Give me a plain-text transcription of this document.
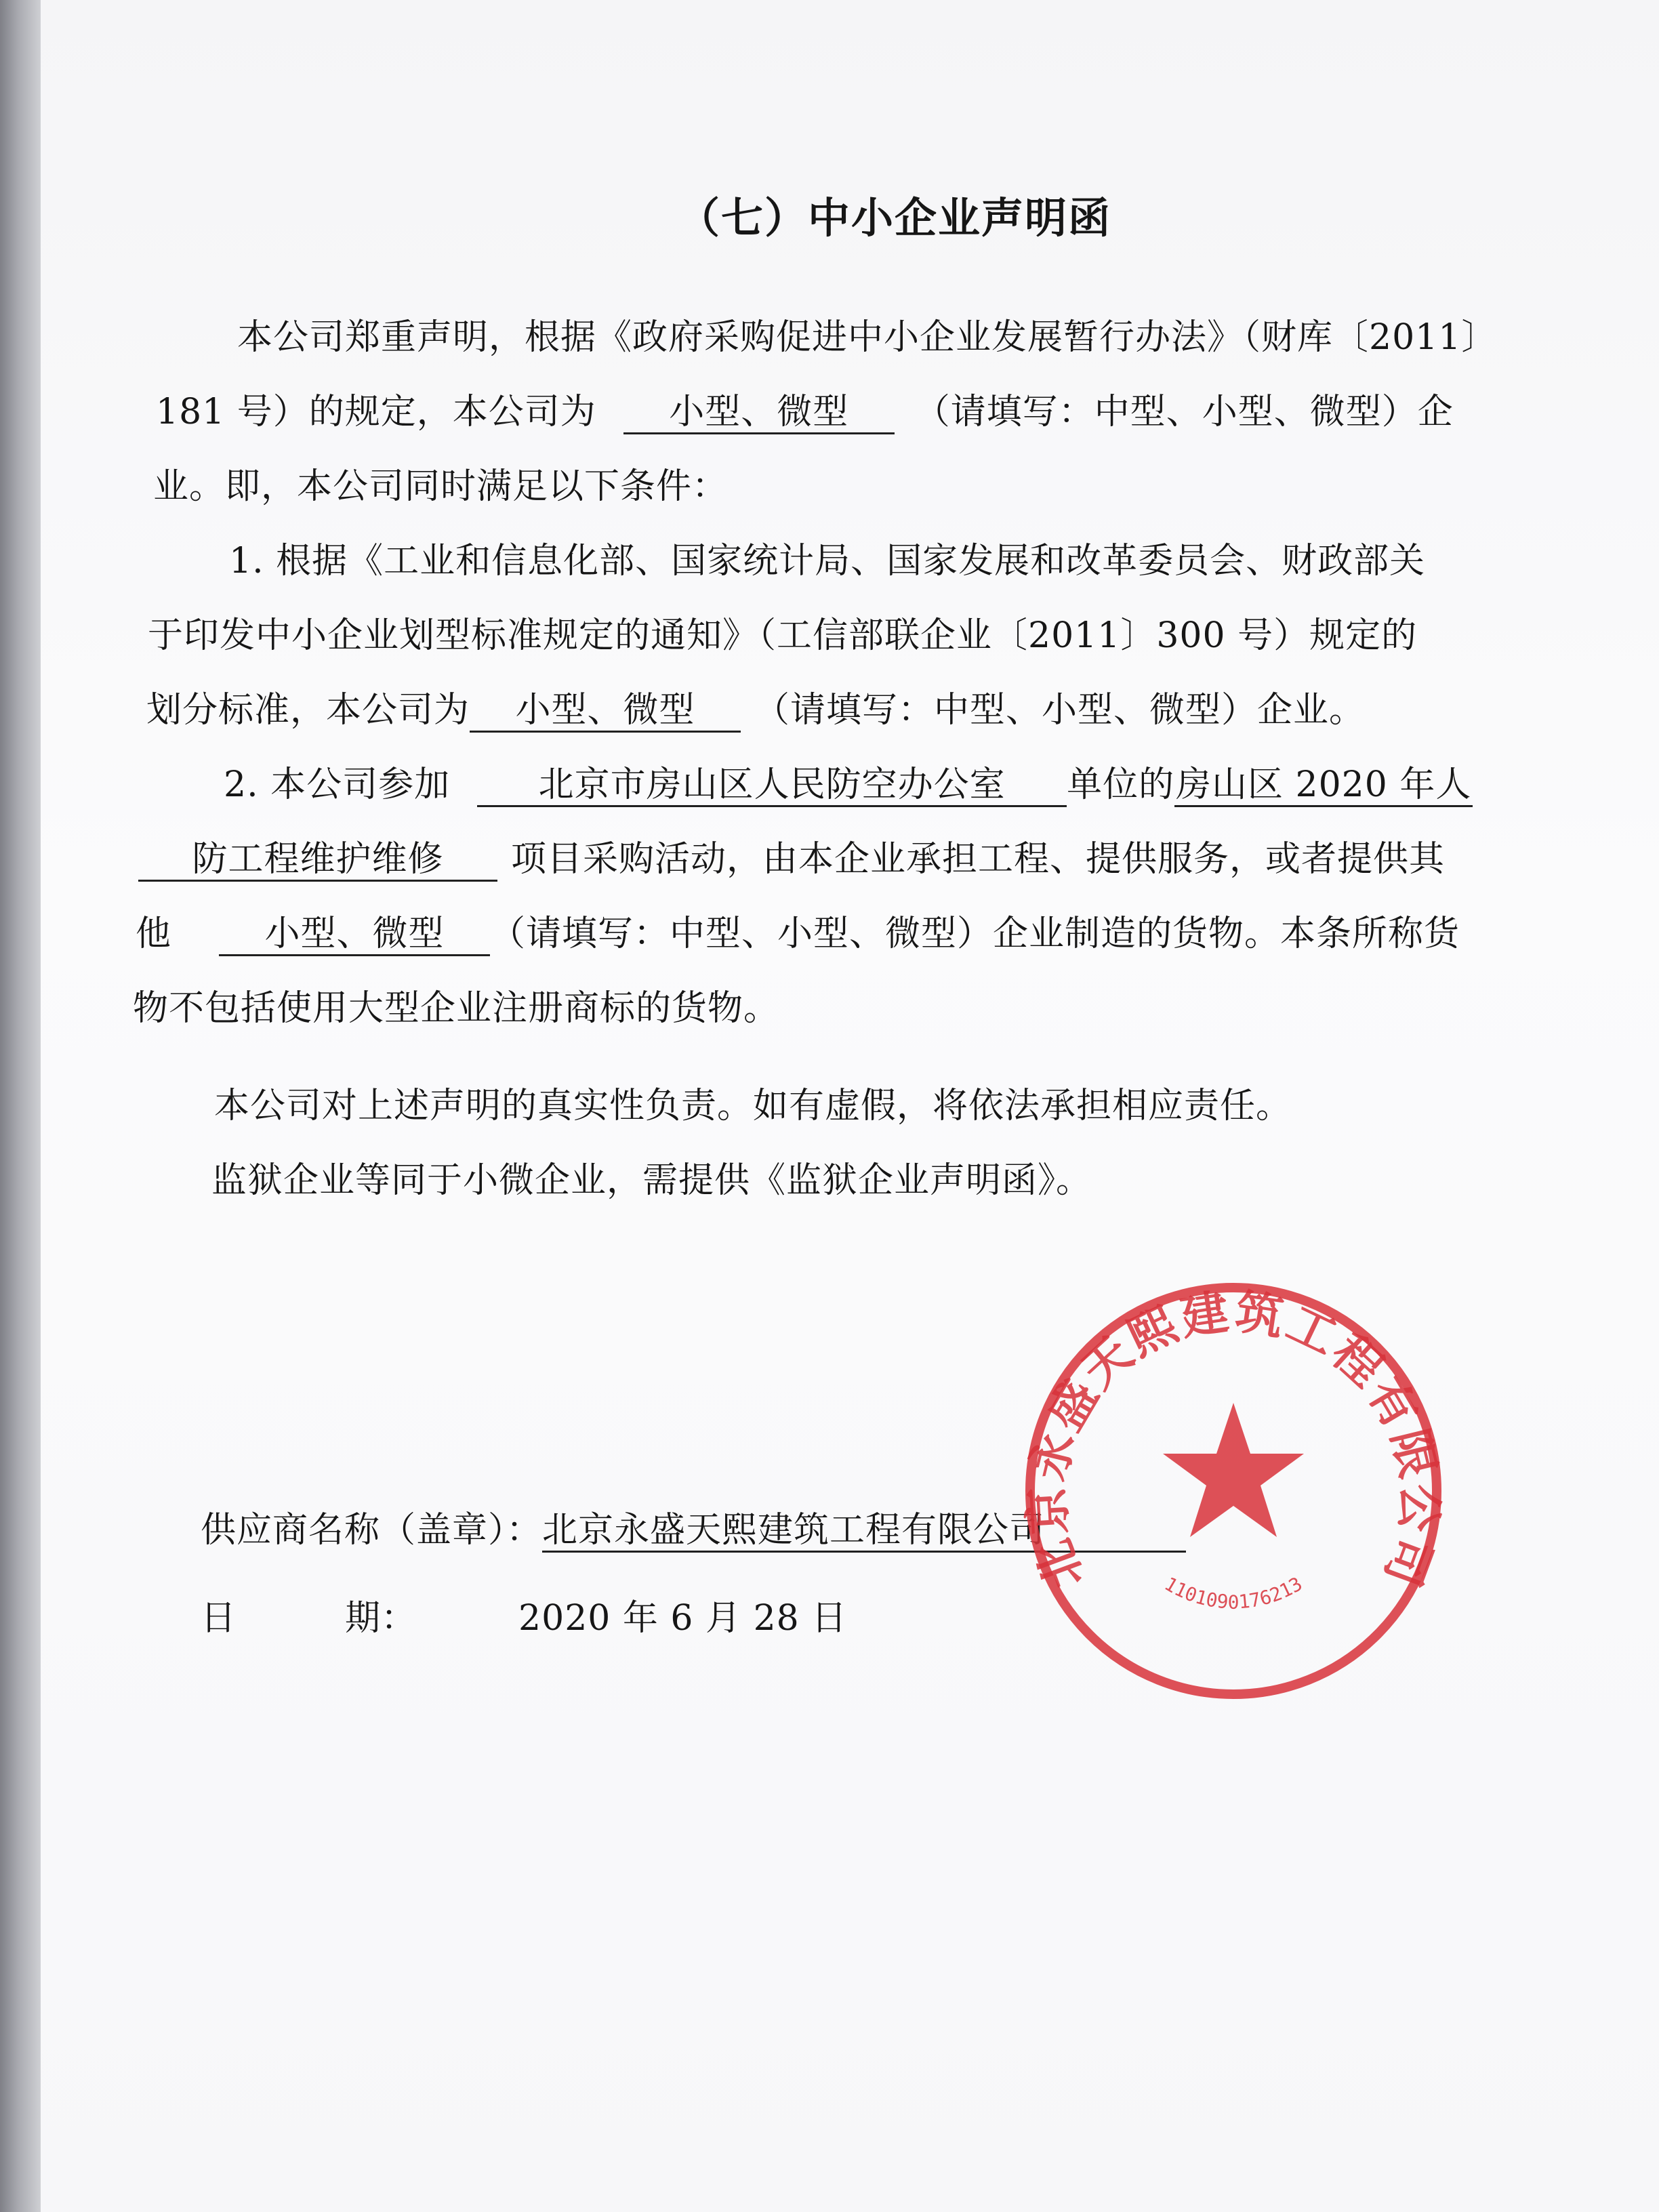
（七）中小企业声明函
本公司郑重声明，根据《政府采购促进中小企业发展暂行办法》（财库〔2011〕
181 号）的规定，本公司为 小型、微型 （请填写：中型、小型、微型）企
业。即，本公司同时满足以下条件：
1. 根据《工业和信息化部、国家统计局、国家发展和改革委员会、财政部关
于印发中小企业划型标准规定的通知》（工信部联企业〔2011〕300 号）规定的
划分标准，本公司为 小型、微型 （请填写：中型、小型、微型）企业。
2. 本公司参加	北京市房山区人民防空办公室 单位的房山区 2020 年人
防工程维护维修 项目采购活动，由本企业承担工程、提供服务，或者提供其
他	小型、微型 （请填写：中型、小型、微型）企业制造的货物。本条所称货
物不包括使用大型企业注册商标的货物。
本公司对上述声明的真实性负责。如有虚假，将依法承担相应责任。
监狱企业等同于小微企业，需提供《监狱企业声明函》。
供应商名称（盖章）：北京永盛天熙建筑工程有限公司
日	期：	2020 年 6 月 28 日
北京永盛天熙建筑工程有限公司
1101090176213
